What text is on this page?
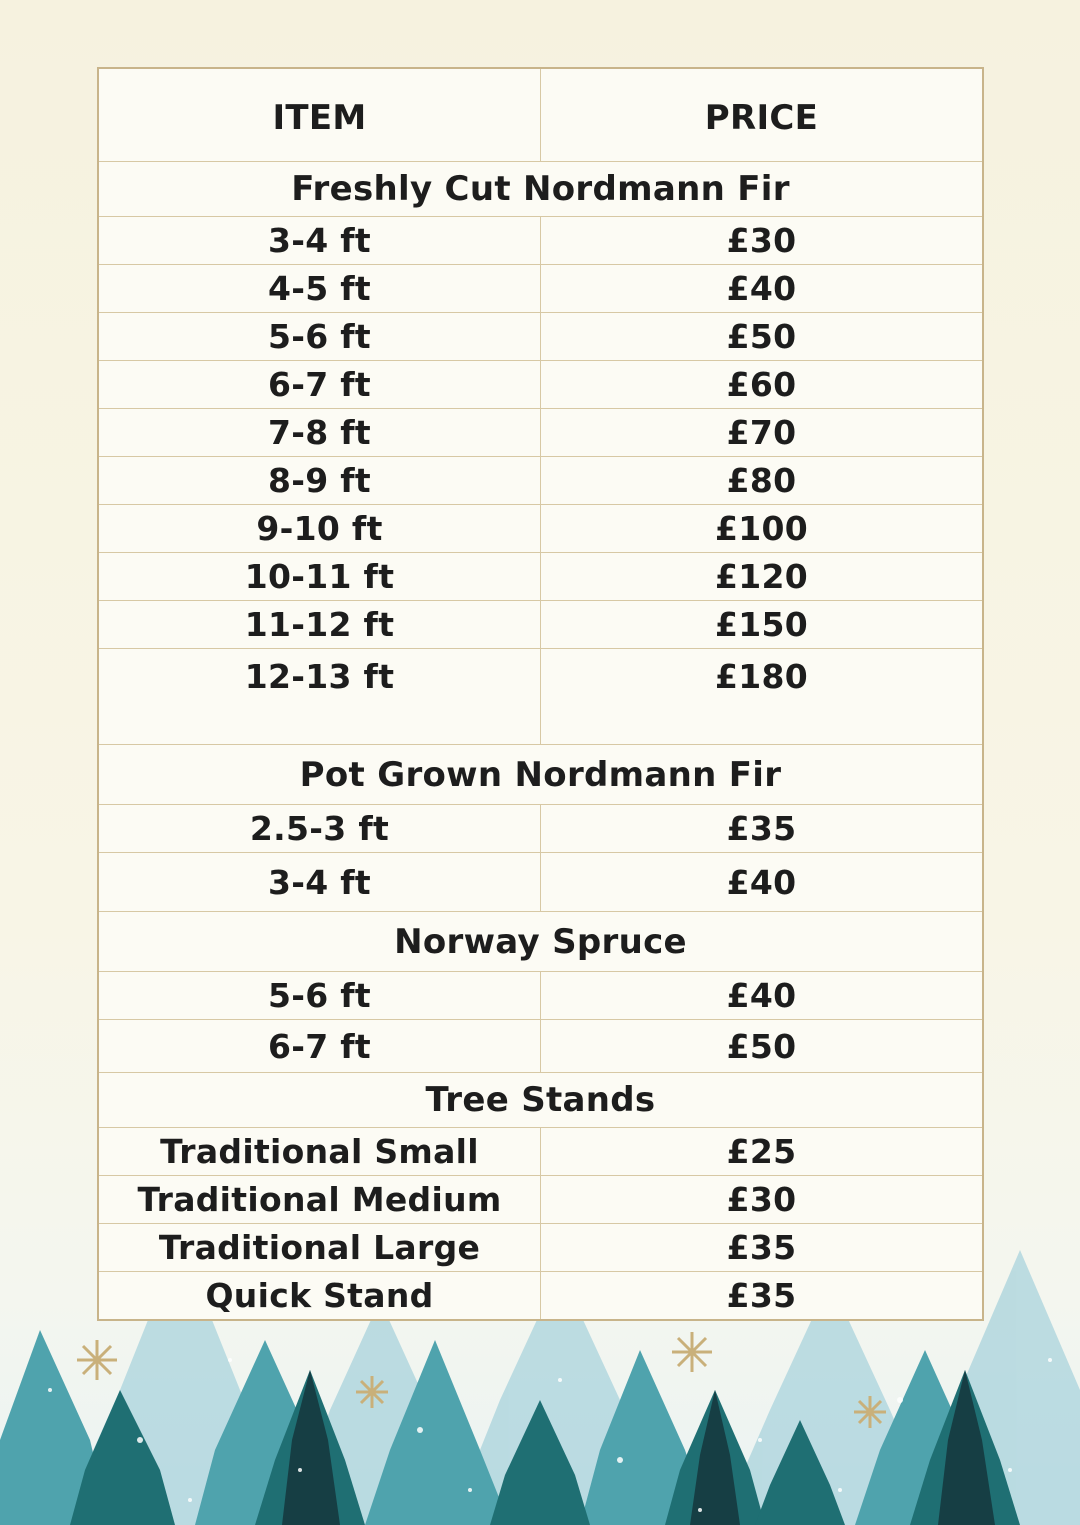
ITEM	PRICE
Freshly Cut Nordmann Fir	
3-4 ft	£30
4-5 ft	£40
5-6 ft	£50
6-7 ft	£60
7-8 ft	£70
8-9 ft	£80
9-10 ft	£100
10-11 ft	£120
11-12 ft	£150
12-13 ft	£180
Pot Grown Nordmann Fir	
2.5-3 ft	£35
3-4 ft	£40
Norway Spruce	
5-6 ft	£40
6-7 ft	£50
Tree Stands	
Traditional Small	£25
Traditional Medium	£30
Traditional Large	£35
Quick Stand	£35
